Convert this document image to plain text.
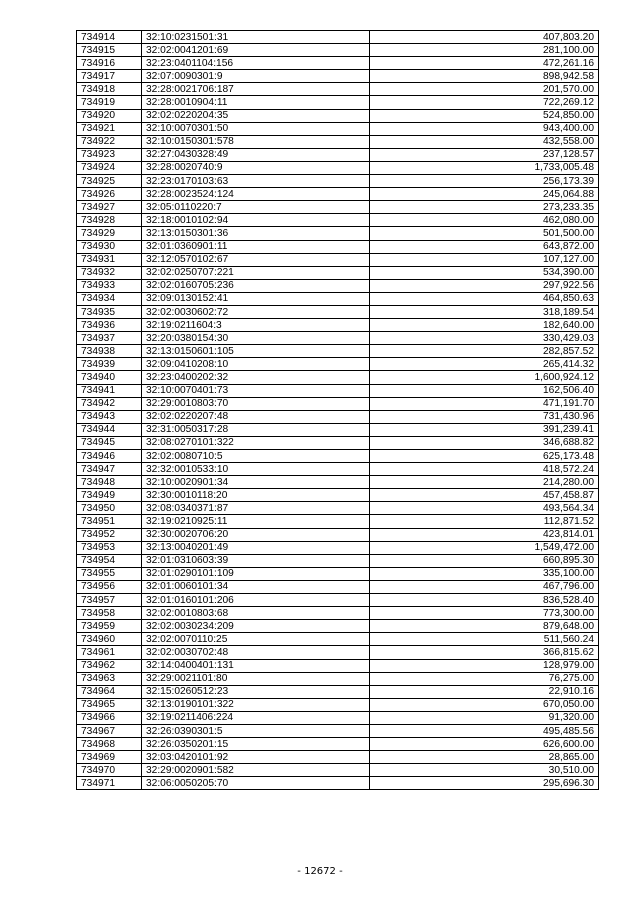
734914	32:10:0231501:31	407,803.20
734915	32:02:0041201:69	281,100.00
734916	32:23:0401104:156	472,261.16
734917	32:07:0090301:9	898,942.58
734918	32:28:0021706:187	201,570.00
734919	32:28:0010904:11	722,269.12
734920	32:02:0220204:35	524,850.00
734921	32:10:0070301:50	943,400.00
734922	32:10:0150301:578	432,558.00
734923	32:27:0430328:49	237,128.57
734924	32:28:0020740:9	1,733,005.48
734925	32:23:0170103:63	256,173.39
734926	32:28:0023524:124	245,064.88
734927	32:05:0110220:7	273,233.35
734928	32:18:0010102:94	462,080.00
734929	32:13:0150301:36	501,500.00
734930	32:01:0360901:11	643,872.00
734931	32:12:0570102:67	107,127.00
734932	32:02:0250707:221	534,390.00
734933	32:02:0160705:236	297,922.56
734934	32:09:0130152:41	464,850.63
734935	32:02:0030602:72	318,189.54
734936	32:19:0211604:3	182,640.00
734937	32:20:0380154:30	330,429.03
734938	32:13:0150601:105	282,857.52
734939	32:09:0410208:10	265,414.32
734940	32:23:0400202:32	1,600,924.12
734941	32:10:0070401:73	162,506.40
734942	32:29:0010803:70	471,191.70
734943	32:02:0220207:48	731,430.96
734944	32:31:0050317:28	391,239.41
734945	32:08:0270101:322	346,688.82
734946	32:02:0080710:5	625,173.48
734947	32:32:0010533:10	418,572.24
734948	32:10:0020901:34	214,280.00
734949	32:30:0010118:20	457,458.87
734950	32:08:0340371:87	493,564.34
734951	32:19:0210925:11	112,871.52
734952	32:30:0020706:20	423,814.01
734953	32:13:0040201:49	1,549,472.00
734954	32:01:0310603:39	660,895.30
734955	32:01:0290101:109	335,100.00
734956	32:01:0060101:34	467,796.00
734957	32:01:0160101:206	836,528.40
734958	32:02:0010803:68	773,300.00
734959	32:02:0030234:209	879,648.00
734960	32:02:0070110:25	511,560.24
734961	32:02:0030702:48	366,815.62
734962	32:14:0400401:131	128,979.00
734963	32:29:0021101:80	76,275.00
734964	32:15:0260512:23	22,910.16
734965	32:13:0190101:322	670,050.00
734966	32:19:0211406:224	91,320.00
734967	32:26:0390301:5	495,485.56
734968	32:26:0350201:15	626,600.00
734969	32:03:0420101:92	28,865.00
734970	32:29:0020901:582	30,510.00
734971	32:06:0050205:70	295,696.30
- 12672 -
